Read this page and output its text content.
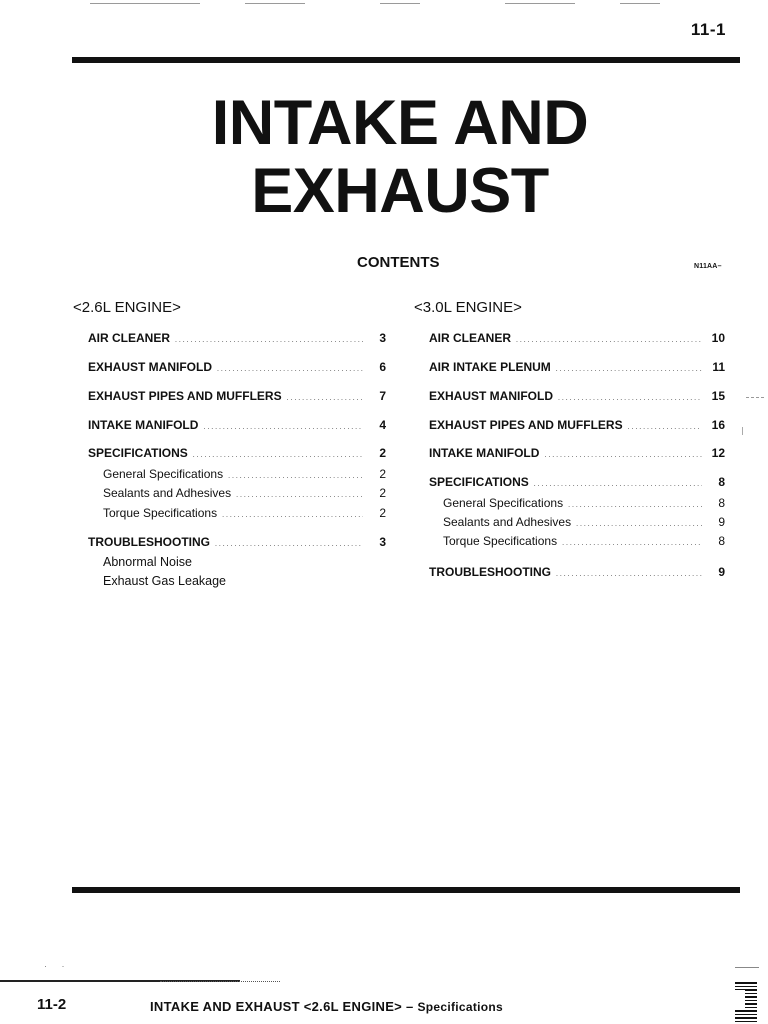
11-1
INTAKE AND
EXHAUST
CONTENTS	N11AA–
<2.6L ENGINE>
AIR CLEANER . . .	3
EXHAUST MANIFOLD . . .	6
EXHAUST PIPES AND MUFFLERS . . .	7
INTAKE MANIFOLD . . .	4
SPECIFICATIONS . . .	2
General Specifications . . .	2
Sealants and Adhesives . . .	2
Torque Specifications . . .	2
TROUBLESHOOTING . . .	3
Abnormal Noise
Exhaust Gas Leakage
<3.0L ENGINE>
AIR CLEANER . . .	10
AIR INTAKE PLENUM . . .	11
EXHAUST MANIFOLD . . .	15
EXHAUST PIPES AND MUFFLERS . . .	16
INTAKE MANIFOLD . . .	12
SPECIFICATIONS . . .	8
General Specifications . . .	8
Sealants and Adhesives . . .	9
Torque Specifications . . .	8
TROUBLESHOOTING . . .	9
· ·
11-2	INTAKE AND EXHAUST <2.6L ENGINE> – Specifications
